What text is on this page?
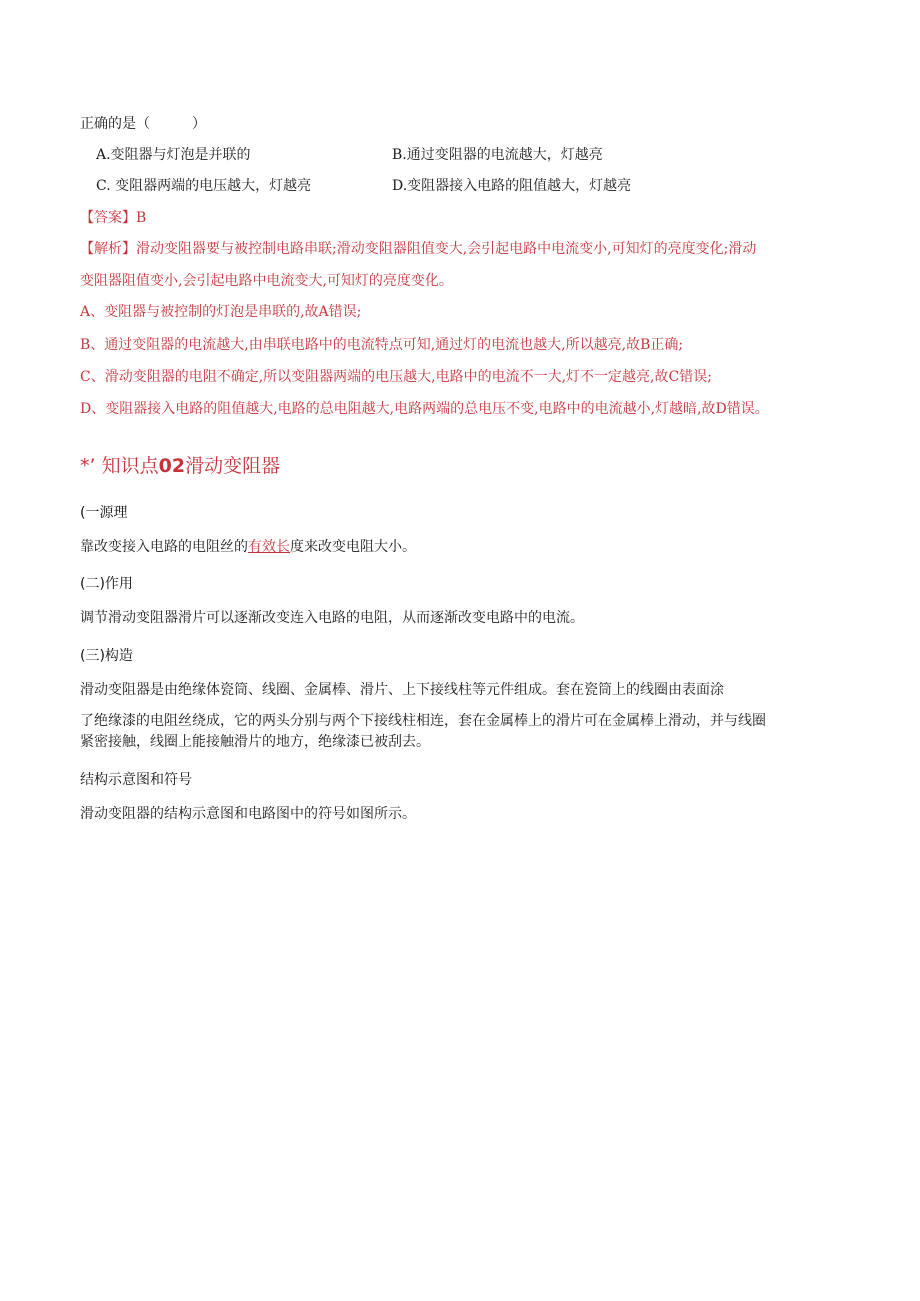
正确的是（　　　）
A.变阻器与灯泡是并联的	B.通过变阻器的电流越大，灯越亮
C. 变阻器两端的电压越大，灯越亮	D.变阻器接入电路的阻值越大，灯越亮
【答案】B
【解析】滑动变阻器要与被控制电路串联;滑动变阻器阻值变大,会引起电路中电流变小,可知灯的亮度变化;滑动
变阻器阻值变小,会引起电路中电流变大,可知灯的亮度变化。
A、变阻器与被控制的灯泡是串联的,故A错误;
B、通过变阻器的电流越大,由串联电路中的电流特点可知,通过灯的电流也越大,所以越亮,故B正确;
C、滑动变阻器的电阻不确定,所以变阻器两端的电压越大,电路中的电流不一大,灯不一定越亮,故C错误;
D、变阻器接入电路的阻值越大,电路的总电阻越大,电路两端的总电压不变,电路中的电流越小,灯越暗,故D错误。
*’ 知识点02滑动变阻器
(一源理
靠改变接入电路的电阻丝的有效长度来改变电阻大小。
(二)作用
调节滑动变阻器滑片可以逐渐改变连入电路的电阻，从而逐渐改变电路中的电流。
(三)构造
滑动变阻器是由绝缘体瓷筒、线圈、金属棒、滑片、上下接线柱等元件组成。套在瓷筒上的线圈由表面涂
了绝缘漆的电阻丝绕成，它的两头分别与两个下接线柱相连，套在金属棒上的滑片可在金属棒上滑动，并与线圈
紧密接触，线圈上能接触滑片的地方，绝缘漆已被刮去。
结构示意图和符号
滑动变阻器的结构示意图和电路图中的符号如图所示。
